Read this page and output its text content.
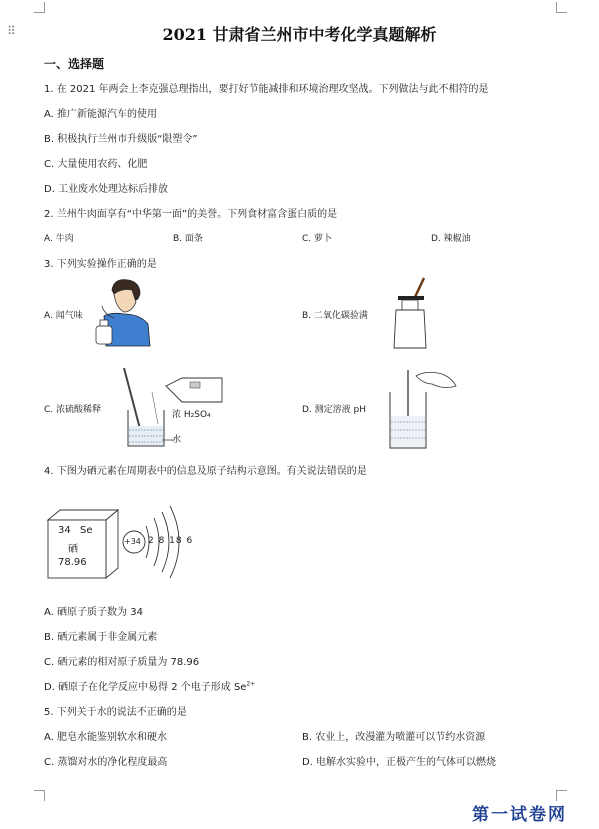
⠿	2021 甘肃省兰州市中考化学真题解析
一、选择题
1. 在 2021 年两会上李克强总理指出，要打好节能减排和环境治理攻坚战。下列做法与此不相符的是
A. 推广新能源汽车的使用
B. 积极执行兰州市升级版“限塑令”
C. 大量使用农药、化肥
D. 工业废水处理达标后排放
2. 兰州牛肉面享有“中华第一面”的美誉。下列食材富含蛋白质的是
A. 牛肉	B. 面条	C. 萝卜	D. 辣椒油
3. 下列实验操作正确的是
A. 闻气味	B. 二氧化碳验满
C. 浓硫酸稀释	D. 测定溶液 pH
浓 H₂SO₄
水
4. 下图为硒元素在周期表中的信息及原子结构示意图。有关说法错误的是
34 Se
硒
78.96
+34 2 8 18 6
A. 硒原子质子数为 34
B. 硒元素属于非金属元素
C. 硒元素的相对原子质量为 78.96
D. 硒原子在化学反应中易得 2 个电子形成 $Se^{2+}$
5. 下列关于水的说法不正确的是
A. 肥皂水能鉴别软水和硬水	B. 农业上，改漫灌为喷灌可以节约水资源
C. 蒸馏对水的净化程度最高	D. 电解水实验中，正极产生的气体可以燃烧
第一试卷网
